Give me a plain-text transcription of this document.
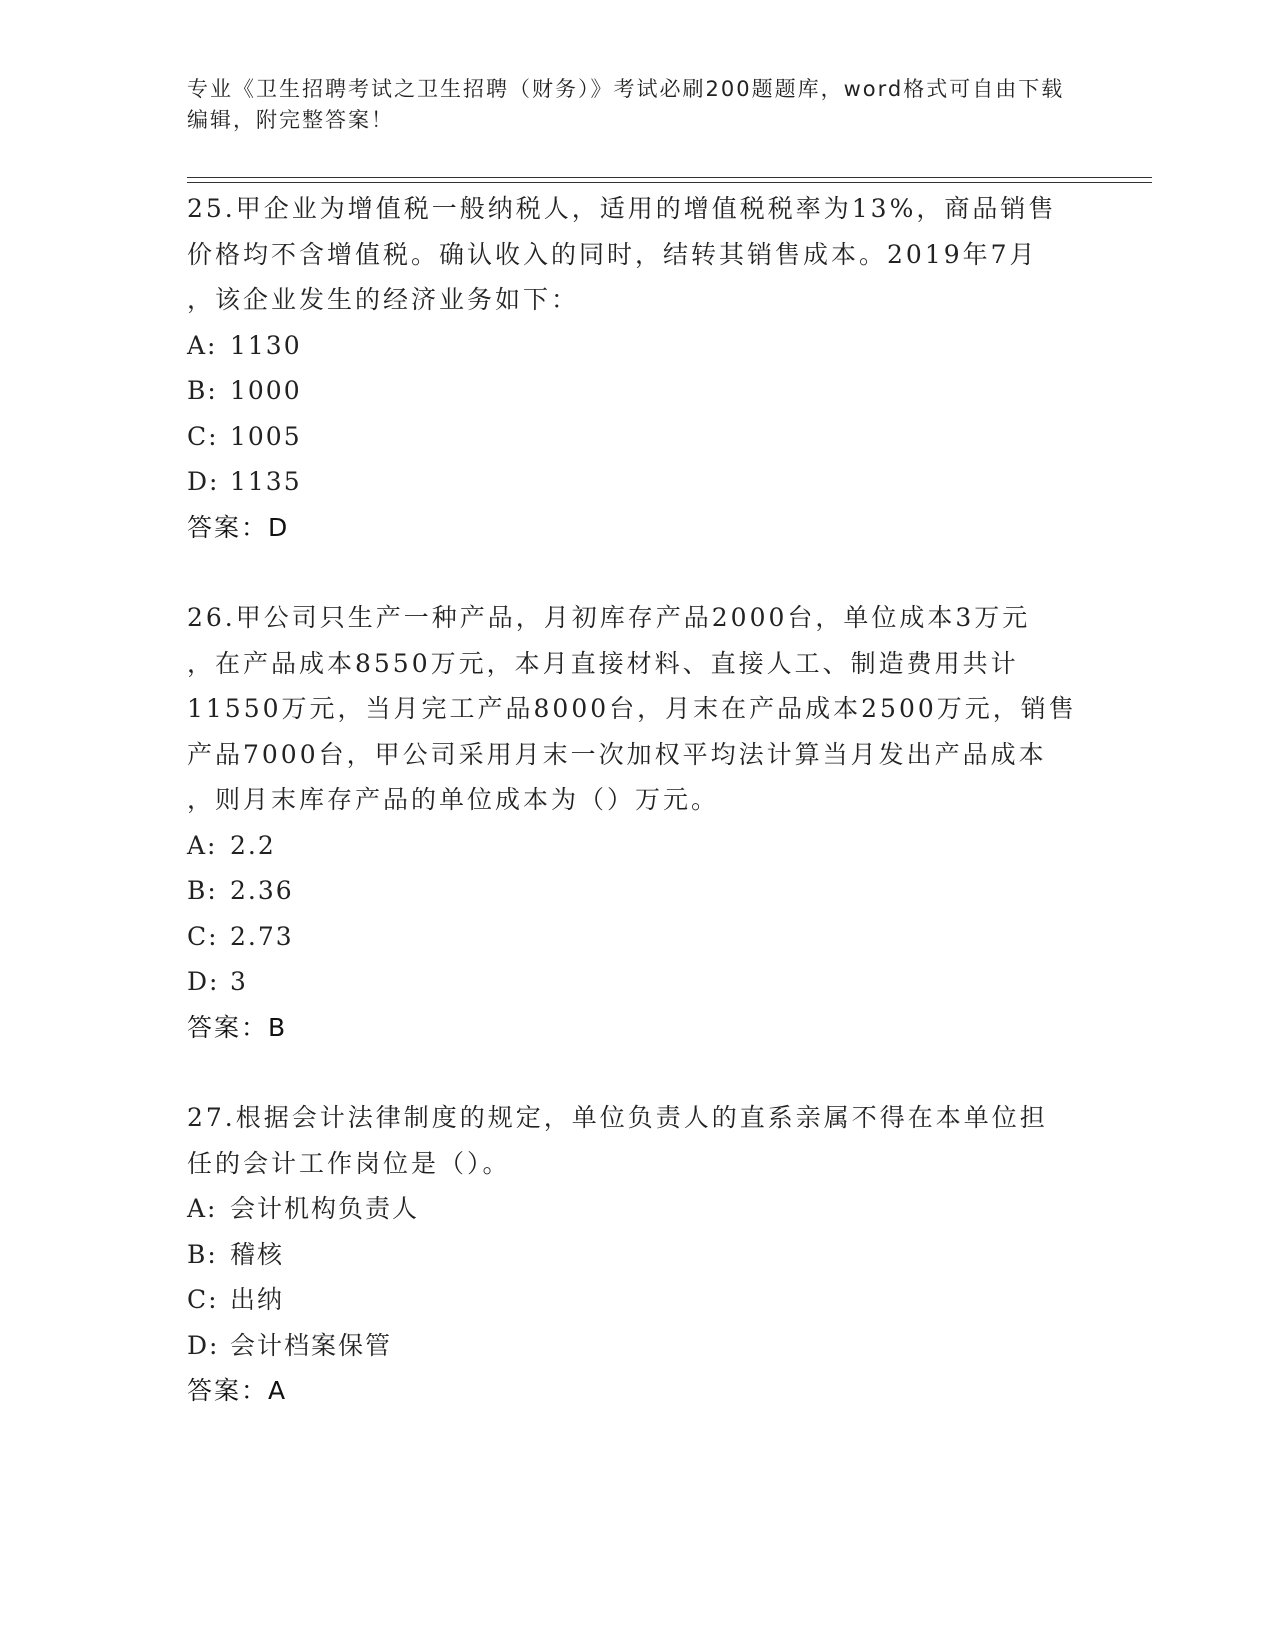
专业《卫生招聘考试之卫生招聘（财务）》考试必刷200题题库，word格式可自由下载编辑，附完整答案！
25.甲企业为增值税一般纳税人，适用的增值税税率为13%，商品销售
价格均不含增值税。确认收入的同时，结转其销售成本。2019年7月
，该企业发生的经济业务如下：
A: 1130
B: 1000
C: 1005
D: 1135
答案：D
26.甲公司只生产一种产品，月初库存产品2000台，单位成本3万元
，在产品成本8550万元，本月直接材料、直接人工、制造费用共计
11550万元，当月完工产品8000台，月末在产品成本2500万元，销售
产品7000台，甲公司采用月末一次加权平均法计算当月发出产品成本
，则月末库存产品的单位成本为（）万元。
A: 2.2
B: 2.36
C: 2.73
D: 3
答案：B
27.根据会计法律制度的规定，单位负责人的直系亲属不得在本单位担
任的会计工作岗位是（）。
A: 会计机构负责人
B: 稽核
C: 出纳
D: 会计档案保管
答案：A
